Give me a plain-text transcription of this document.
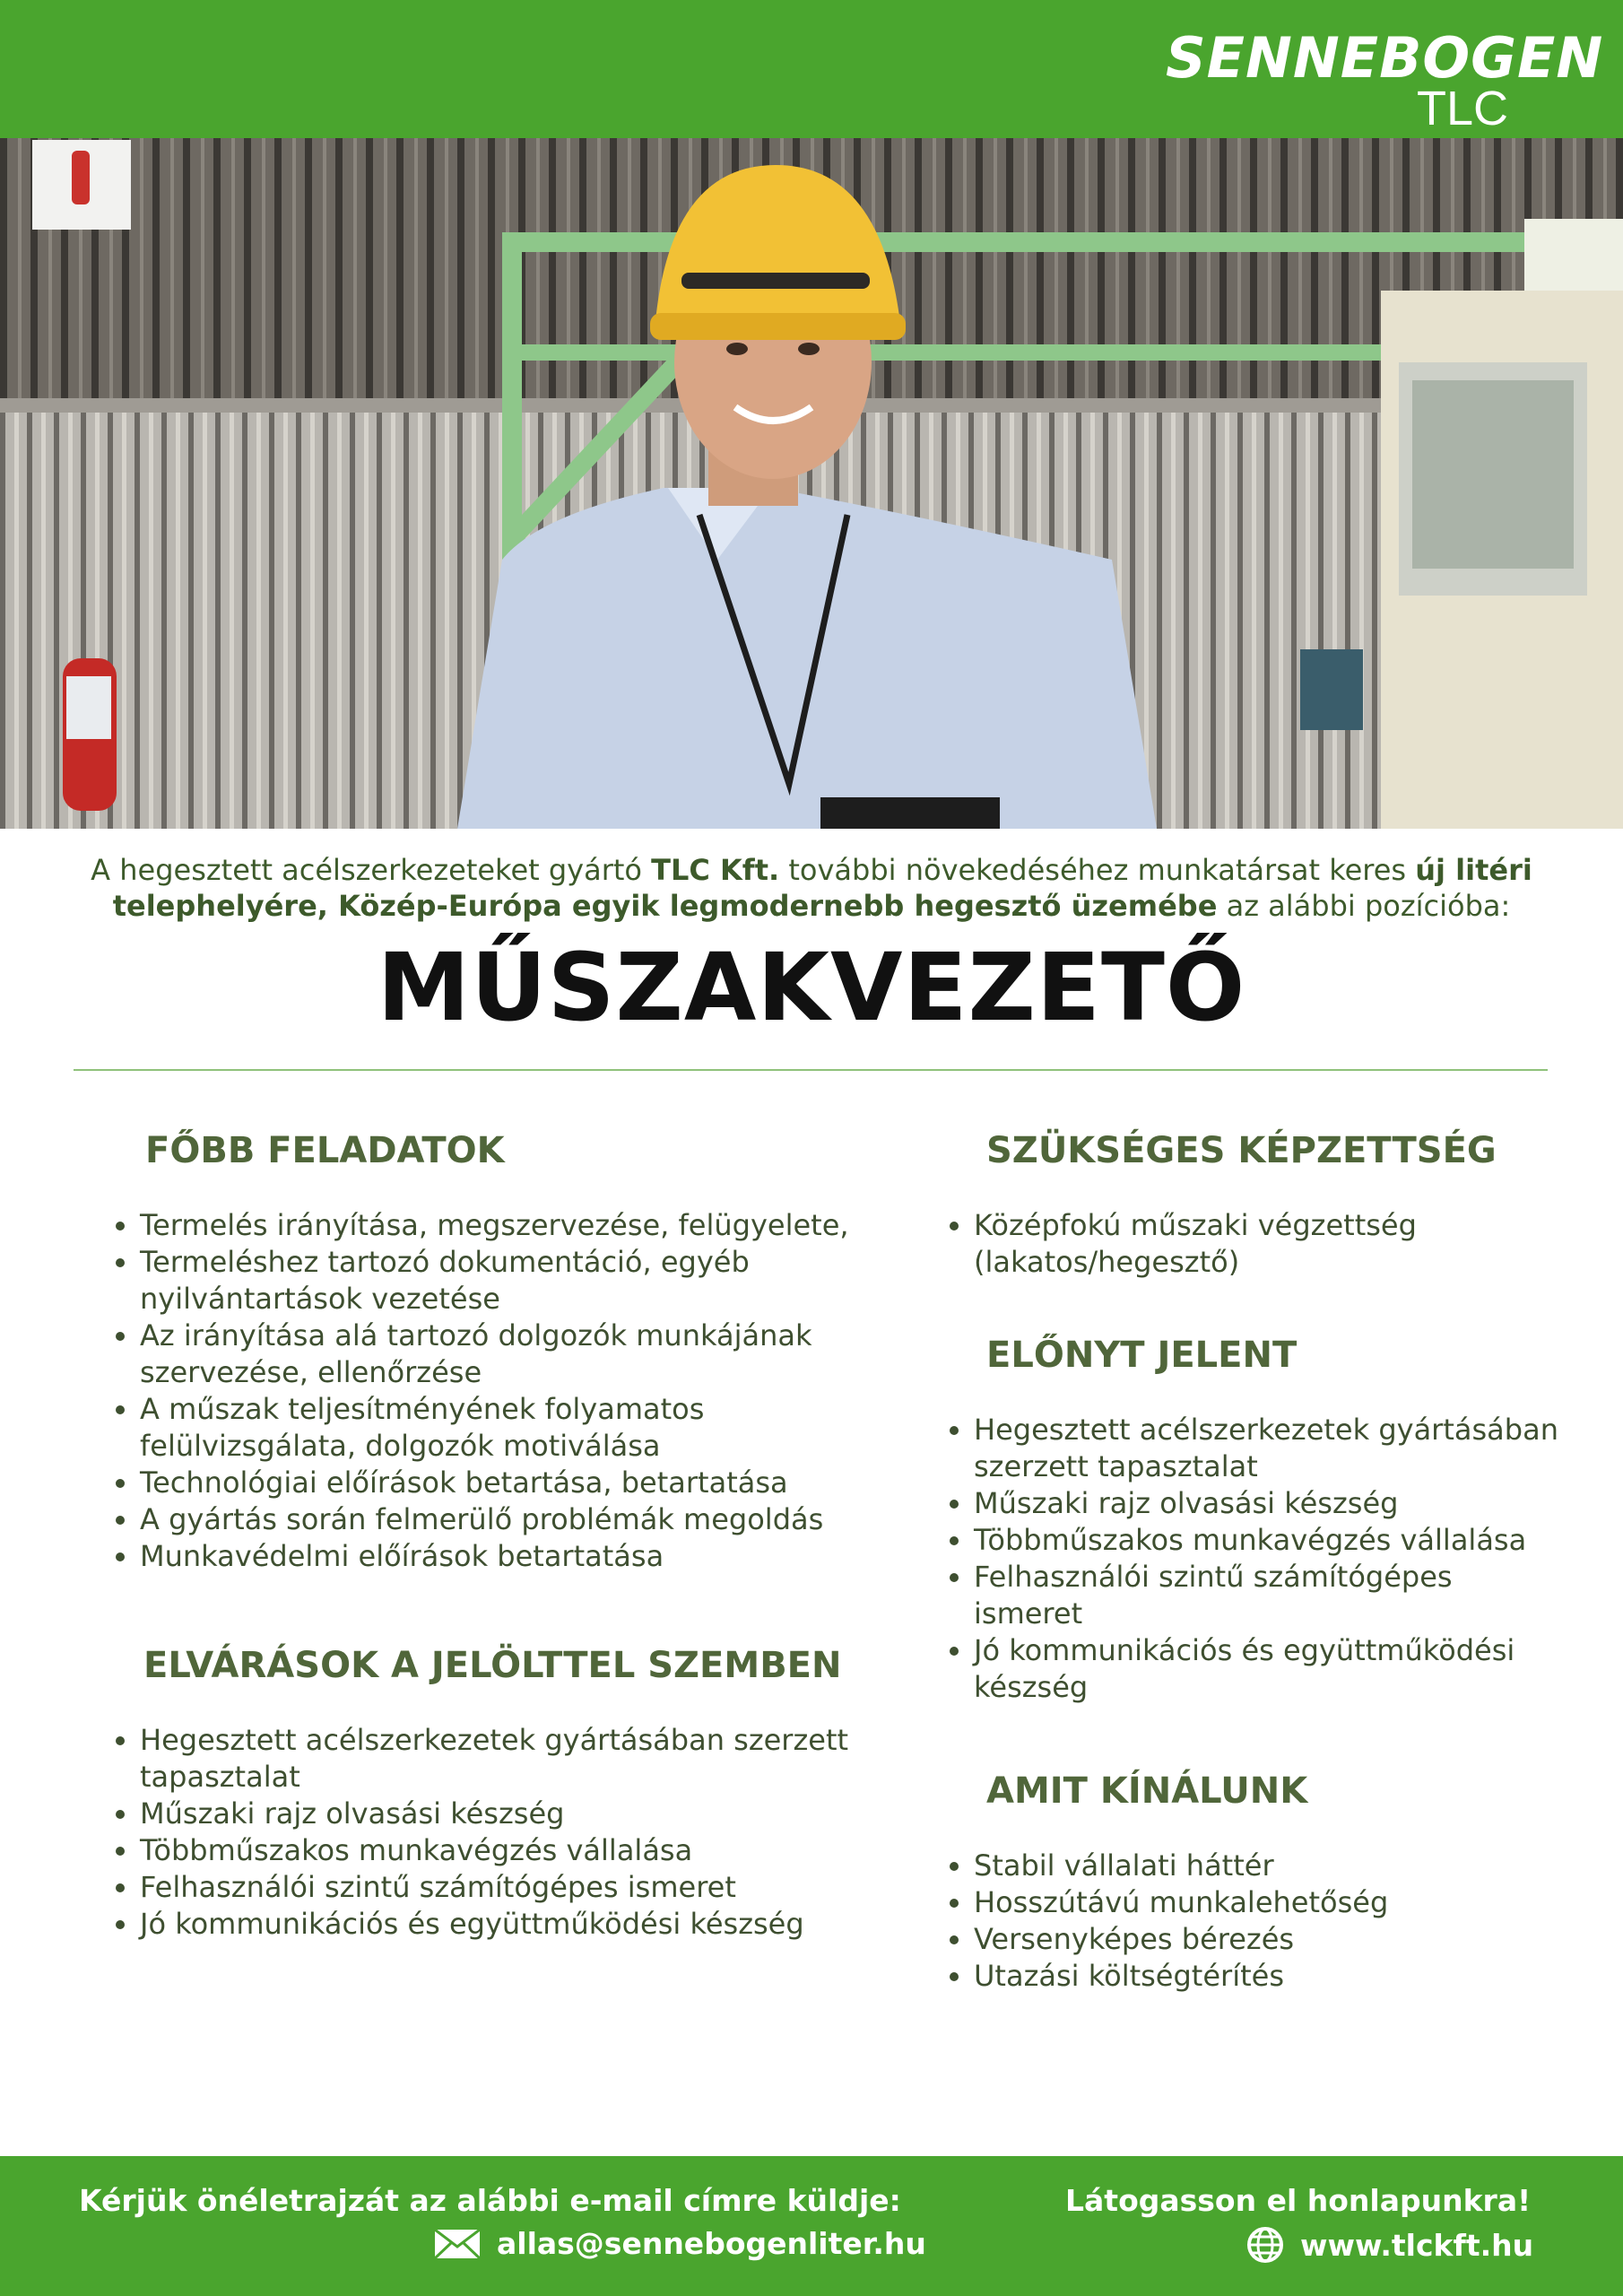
SENNEBOGEN
TLC
A hegesztett acélszerkezeteket gyártó TLC Kft. további növekedéséhez munkatársat keres új litéri telephelyére, Közép-Európa egyik legmodernebb hegesztő üzemébe az alábbi pozícióba:
MŰSZAKVEZETŐ
FŐBB FELADATOK
• Termelés irányítása, megszervezése, felügyelete,
• Termeléshez tartozó dokumentáció, egyéb nyilvántartások vezetése
• Az irányítása alá tartozó dolgozók munkájának szervezése, ellenőrzése
• A műszak teljesítményének folyamatos felülvizsgálata, dolgozók motiválása
• Technológiai előírások betartása, betartatása
• A gyártás során felmerülő problémák megoldás
• Munkavédelmi előírások betartatása
ELVÁRÁSOK A JELÖLTTEL SZEMBEN
• Hegesztett acélszerkezetek gyártásában szerzett tapasztalat
• Műszaki rajz olvasási készség
• Többműszakos munkavégzés vállalása
• Felhasználói szintű számítógépes ismeret
• Jó kommunikációs és együttműködési készség
SZÜKSÉGES KÉPZETTSÉG
• Középfokú műszaki végzettség (lakatos/hegesztő)
ELŐNYT JELENT
• Hegesztett acélszerkezetek gyártásában szerzett tapasztalat
• Műszaki rajz olvasási készség
• Többműszakos munkavégzés vállalása
• Felhasználói szintű számítógépes ismeret
• Jó kommunikációs és együttműködési készség
AMIT KÍNÁLUNK
• Stabil vállalati háttér
• Hosszútávú munkalehetőség
• Versenyképes bérezés
• Utazási költségtérítés
Kérjük önéletrajzát az alábbi e-mail címre küldje:
allas@sennebogenliter.hu
Látogasson el honlapunkra!
www.tlckft.hu
